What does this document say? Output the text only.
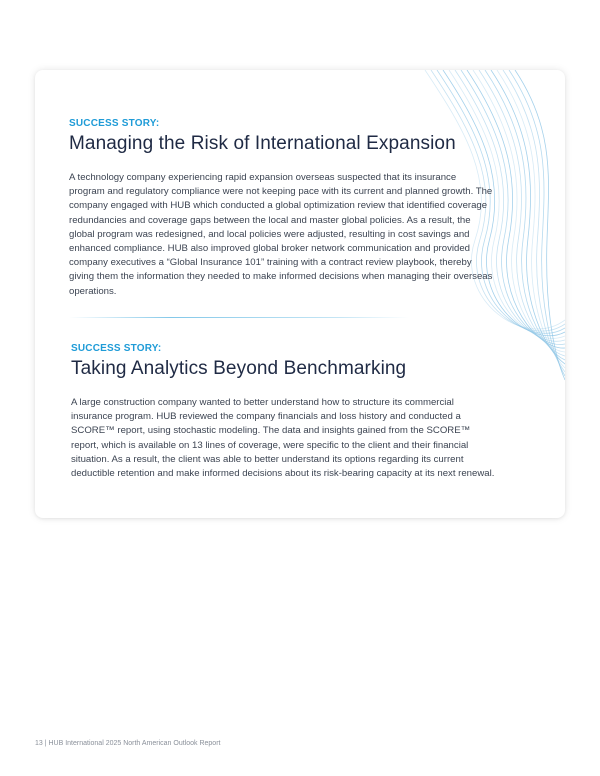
SUCCESS STORY:

Managing the Risk of International Expansion

A technology company experiencing rapid expansion overseas suspected that its insurance program and regulatory compliance were not keeping pace with its current and planned growth. The company engaged with HUB which conducted a global optimization review that identified coverage redundancies and coverage gaps between the local and master global policies. As a result, the global program was redesigned, and local policies were adjusted, resulting in cost savings and enhanced compliance. HUB also improved global broker network communication and provided company executives a “Global Insurance 101” training with a contract review playbook, thereby giving them the information they needed to make informed decisions when managing their overseas operations.

SUCCESS STORY:

Taking Analytics Beyond Benchmarking

A large construction company wanted to better understand how to structure its commercial insurance program. HUB reviewed the company financials and loss history and conducted a SCORE™ report, using stochastic modeling. The data and insights gained from the SCORE™ report, which is available on 13 lines of coverage, were specific to the client and their financial situation. As a result, the client was able to better understand its options regarding its current deductible retention and make informed decisions about its risk-bearing capacity at its next renewal.

13 | HUB International 2025 North American Outlook Report
